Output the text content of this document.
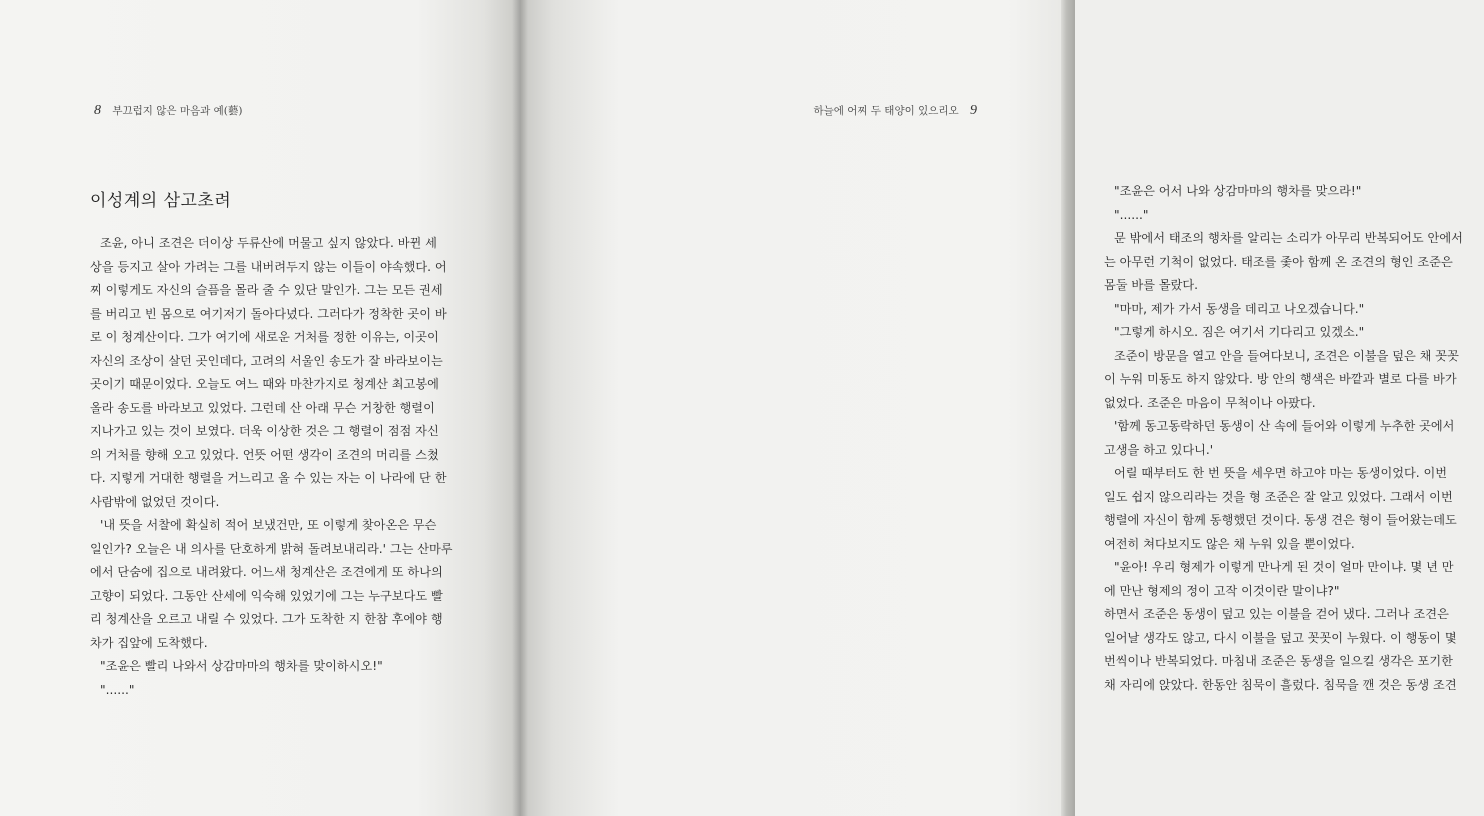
8 부끄럽지 않은 마음과 예(藝)
이성계의 삼고초려
조윤, 아니 조견은 더이상 두류산에 머물고 싶지 않았다. 바뀐 세
상을 등지고 살아 가려는 그를 내버려두지 않는 이들이 야속했다. 어
찌 이렇게도 자신의 슬픔을 몰라 줄 수 있단 말인가. 그는 모든 권세
를 버리고 빈 몸으로 여기저기 돌아다녔다. 그러다가 정착한 곳이 바
로 이 청계산이다. 그가 여기에 새로운 거처를 정한 이유는, 이곳이
자신의 조상이 살던 곳인데다, 고려의 서울인 송도가 잘 바라보이는
곳이기 때문이었다. 오늘도 여느 때와 마찬가지로 청계산 최고봉에
올라 송도를 바라보고 있었다. 그런데 산 아래 무슨 거창한 행렬이
지나가고 있는 것이 보였다. 더욱 이상한 것은 그 행렬이 점점 자신
의 거처를 향해 오고 있었다. 언뜻 어떤 생각이 조견의 머리를 스쳤
다. 지렇게 거대한 행렬을 거느리고 올 수 있는 자는 이 나라에 단 한
사람밖에 없었던 것이다.
'내 뜻을 서찰에 확실히 적어 보냈건만, 또 이렇게 찾아온은 무슨
일인가? 오늘은 내 의사를 단호하게 밝혀 돌려보내리라.' 그는 산마루
에서 단숨에 집으로 내려왔다. 어느새 청계산은 조견에게 또 하나의
고향이 되었다. 그동안 산세에 익숙해 있었기에 그는 누구보다도 빨
리 청계산을 오르고 내릴 수 있었다. 그가 도착한 지 한참 후에야 행
차가 집앞에 도착했다.
"조윤은 빨리 나와서 상감마마의 행차를 맞이하시오!"
"......"
하늘에 어찌 두 태양이 있으리오 9
"조윤은 어서 나와 상감마마의 행차를 맞으라!"
"......"
문 밖에서 태조의 행차를 알리는 소리가 아무리 반복되어도 안에서
는 아무런 기척이 없었다. 태조를 좇아 함께 온 조견의 형인 조준은
몸둘 바를 몰랐다.
"마마, 제가 가서 동생을 데리고 나오겠습니다."
"그렇게 하시오. 짐은 여기서 기다리고 있겠소."
조준이 방문을 열고 안을 들여다보니, 조견은 이불을 덮은 채 꼿꼿
이 누워 미동도 하지 않았다. 방 안의 행색은 바깥과 별로 다를 바가
없었다. 조준은 마음이 무척이나 아팠다.
'함께 동고동락하던 동생이 산 속에 들어와 이렇게 누추한 곳에서
고생을 하고 있다니.'
어릴 때부터도 한 번 뜻을 세우면 하고야 마는 동생이었다. 이번
일도 쉽지 않으리라는 것을 형 조준은 잘 알고 있었다. 그래서 이번
행렬에 자신이 함께 동행했던 것이다. 동생 견은 형이 들어왔는데도
여전히 쳐다보지도 않은 채 누워 있을 뿐이었다.
"윤아! 우리 형제가 이렇게 만나게 된 것이 얼마 만이냐. 몇 년 만
에 만난 형제의 정이 고작 이것이란 말이냐?"
하면서 조준은 동생이 덮고 있는 이불을 걷어 냈다. 그러나 조견은
일어날 생각도 않고, 다시 이불을 덮고 꼿꼿이 누웠다. 이 행동이 몇
번씩이나 반복되었다. 마침내 조준은 동생을 일으킬 생각은 포기한
채 자리에 앉았다. 한동안 침묵이 흘렀다. 침묵을 깬 것은 동생 조견
